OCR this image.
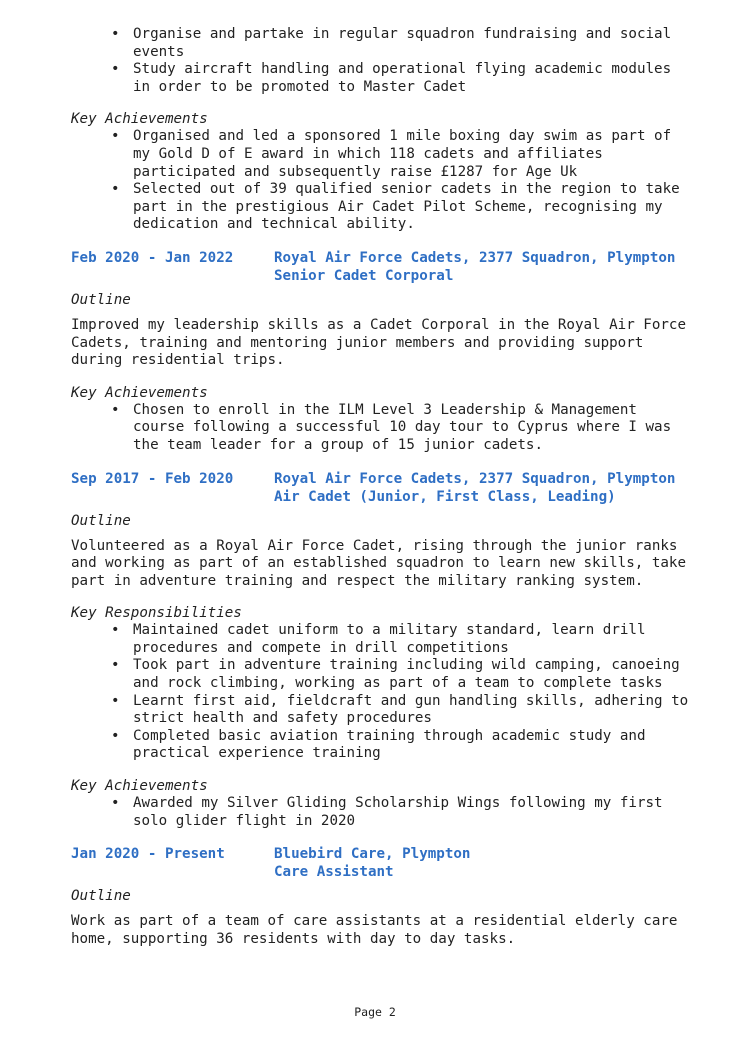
• Organise and partake in regular squadron fundraising and social events
• Study aircraft handling and operational flying academic modules in order to be promoted to Master Cadet
Key Achievements
• Organised and led a sponsored 1 mile boxing day swim as part of my Gold D of E award in which 118 cadets and affiliates participated and subsequently raise £1287 for Age Uk
• Selected out of 39 qualified senior cadets in the region to take part in the prestigious Air Cadet Pilot Scheme, recognising my dedication and technical ability.
Feb 2020 - Jan 2022	Royal Air Force Cadets, 2377 Squadron, Plympton
Senior Cadet Corporal
Outline
Improved my leadership skills as a Cadet Corporal in the Royal Air Force Cadets, training and mentoring junior members and providing support during residential trips.
Key Achievements
• Chosen to enroll in the ILM Level 3 Leadership & Management course following a successful 10 day tour to Cyprus where I was the team leader for a group of 15 junior cadets.
Sep 2017 - Feb 2020	Royal Air Force Cadets, 2377 Squadron, Plympton
Air Cadet (Junior, First Class, Leading)
Outline
Volunteered as a Royal Air Force Cadet, rising through the junior ranks and working as part of an established squadron to learn new skills, take part in adventure training and respect the military ranking system.
Key Responsibilities
• Maintained cadet uniform to a military standard, learn drill procedures and compete in drill competitions
• Took part in adventure training including wild camping, canoeing and rock climbing, working as part of a team to complete tasks
• Learnt first aid, fieldcraft and gun handling skills, adhering to strict health and safety procedures
• Completed basic aviation training through academic study and practical experience training
Key Achievements
• Awarded my Silver Gliding Scholarship Wings following my first solo glider flight in 2020
Jan 2020 - Present	Bluebird Care, Plympton
Care Assistant
Outline
Work as part of a team of care assistants at a residential elderly care home, supporting 36 residents with day to day tasks.
Page 2
